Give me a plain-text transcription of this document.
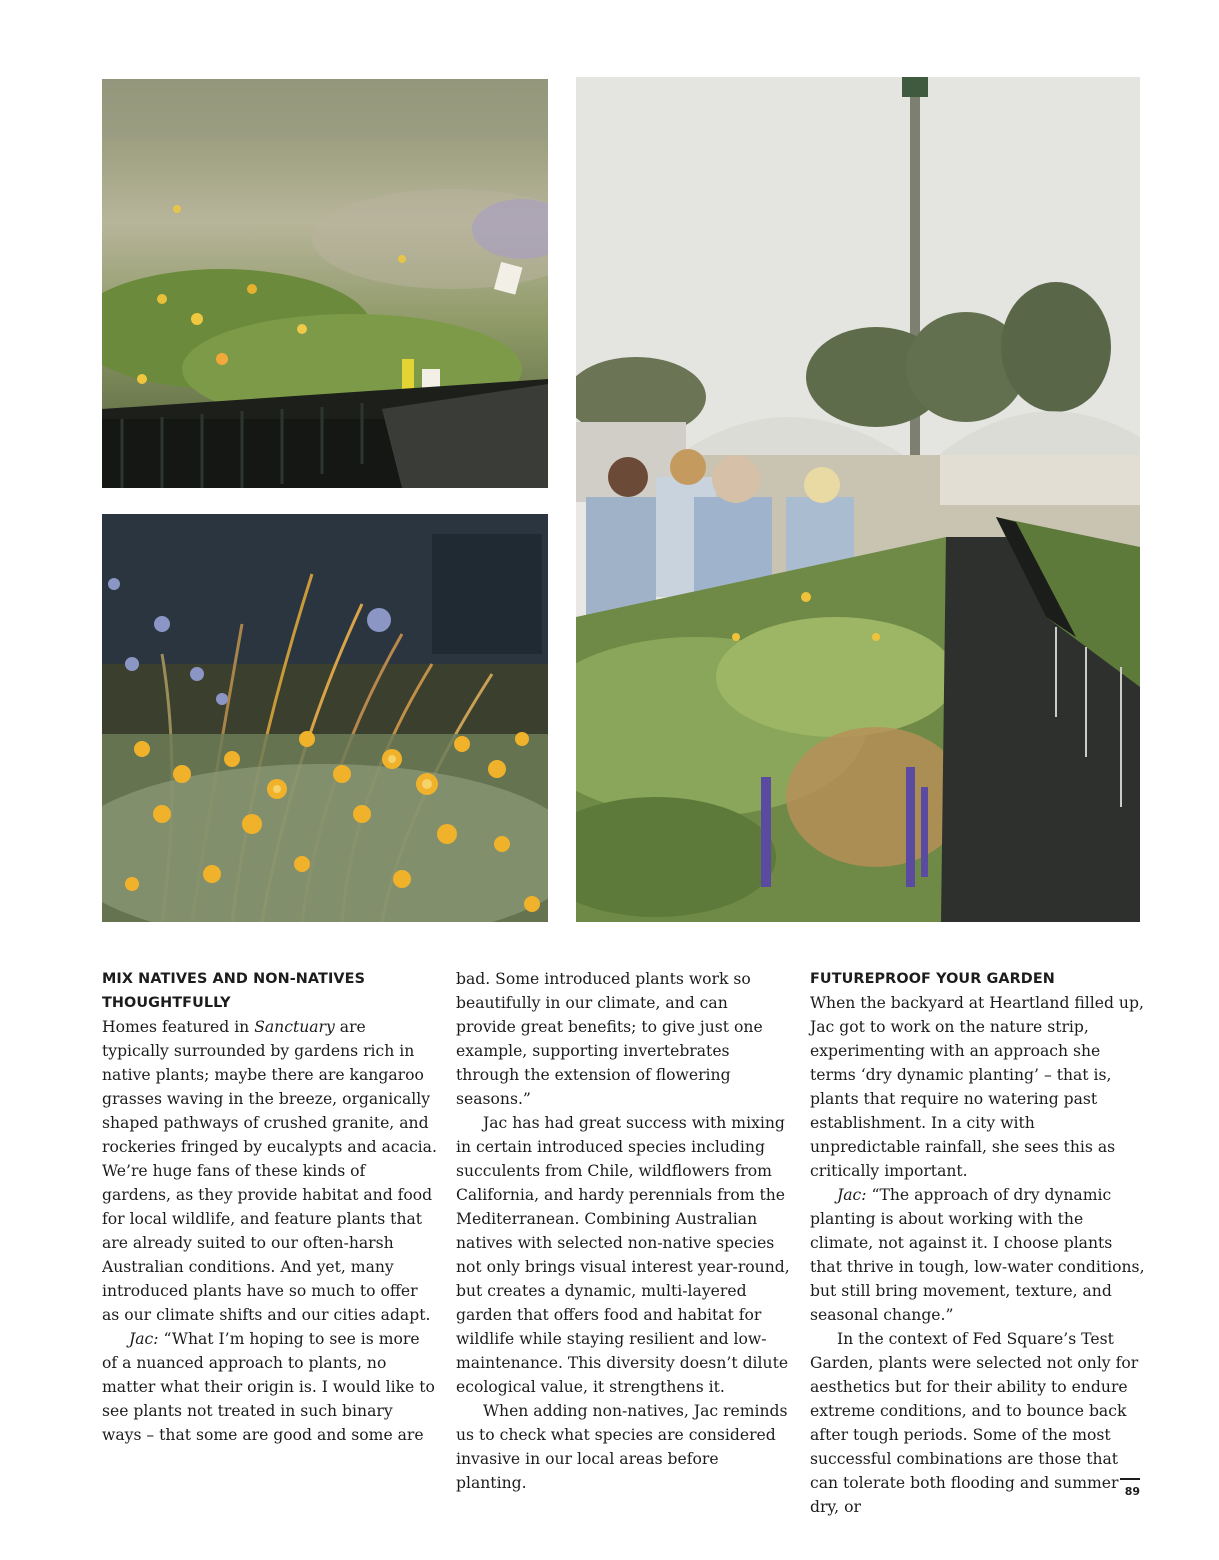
MIX NATIVES AND NON-NATIVES THOUGHTFULLY

Homes featured in Sanctuary are typically surrounded by gardens rich in native plants; maybe there are kangaroo grasses waving in the breeze, organically shaped pathways of crushed granite, and rockeries fringed by eucalypts and acacia. We’re huge fans of these kinds of gardens, as they provide habitat and food for local wildlife, and feature plants that are already suited to our often-harsh Australian conditions. And yet, many introduced plants have so much to offer as our climate shifts and our cities adapt.

Jac: “What I’m hoping to see is more of a nuanced approach to plants, no matter what their origin is. I would like to see plants not treated in such binary ways – that some are good and some are

bad. Some introduced plants work so beautifully in our climate, and can provide great benefits; to give just one example, supporting invertebrates through the extension of flowering seasons.”

Jac has had great success with mixing in certain introduced species including succulents from Chile, wildflowers from California, and hardy perennials from the Mediterranean. Combining Australian natives with selected non-native species not only brings visual interest year-round, but creates a dynamic, multi-layered garden that offers food and habitat for wildlife while staying resilient and low-maintenance. This diversity doesn’t dilute ecological value, it strengthens it.

When adding non-natives, Jac reminds us to check what species are considered invasive in our local areas before planting.

FUTUREPROOF YOUR GARDEN

When the backyard at Heartland filled up, Jac got to work on the nature strip, experimenting with an approach she terms ‘dry dynamic planting’ – that is, plants that require no watering past establishment. In a city with unpredictable rainfall, she sees this as critically important.

Jac: “The approach of dry dynamic planting is about working with the climate, not against it. I choose plants that thrive in tough, low-water conditions, but still bring movement, texture, and seasonal change.”

In the context of Fed Square’s Test Garden, plants were selected not only for aesthetics but for their ability to endure extreme conditions, and to bounce back after tough periods. Some of the most successful combinations are those that can tolerate both flooding and summer dry, or

89
